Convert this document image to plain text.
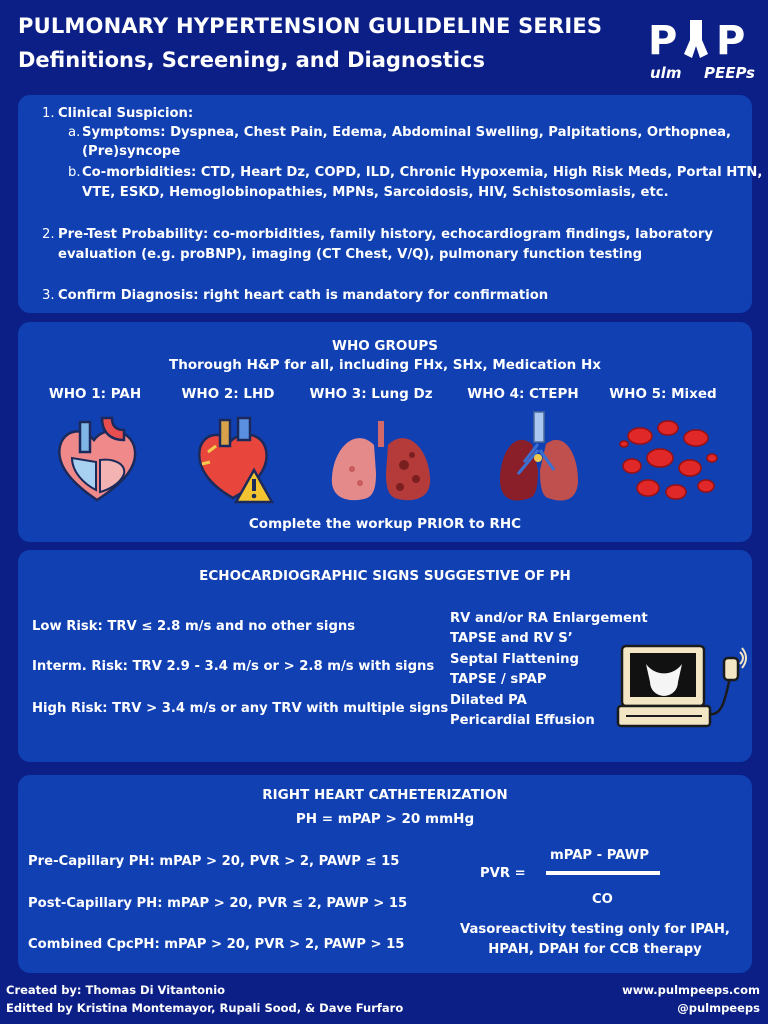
PULMONARY HYPERTENSION GULIDELINE SERIES
Definitions, Screening, and Diagnostics	P P
ulm PEEPs
1. Clinical Suspicion:
a. Symptoms: Dyspnea, Chest Pain, Edema, Abdominal Swelling, Palpitations, Orthopnea,
(Pre)syncope
b. Co-morbidities: CTD, Heart Dz, COPD, ILD, Chronic Hypoxemia, High Risk Meds, Portal HTN,
VTE, ESKD, Hemoglobinopathies, MPNs, Sarcoidosis, HIV, Schistosomiasis, etc.
2. Pre-Test Probability: co-morbidities, family history, echocardiogram findings, laboratory
evaluation (e.g. proBNP), imaging (CT Chest, V/Q), pulmonary function testing
3. Confirm Diagnosis: right heart cath is mandatory for confirmation
WHO GROUPS
Thorough H&P for all, including FHx, SHx, Medication Hx
WHO 1: PAH	WHO 2: LHD	WHO 3: Lung Dz	WHO 4: CTEPH	WHO 5: Mixed
Complete the workup PRIOR to RHC
ECHOCARDIOGRAPHIC SIGNS SUGGESTIVE OF PH
Low Risk: TRV ≤ 2.8 m/s and no other signs
Interm. Risk: TRV 2.9 - 3.4 m/s or > 2.8 m/s with signs
High Risk: TRV > 3.4 m/s or any TRV with multiple signs
RV and/or RA Enlargement
TAPSE and RV S’
Septal Flattening
TAPSE / sPAP
Dilated PA
Pericardial Effusion
RIGHT HEART CATHETERIZATION
PH = mPAP > 20 mmHg
Pre-Capillary PH: mPAP > 20, PVR > 2, PAWP ≤ 15
Post-Capillary PH: mPAP > 20, PVR ≤ 2, PAWP > 15
Combined CpcPH: mPAP > 20, PVR > 2, PAWP > 15
PVR =
mPAP - PAWP
CO
Vasoreactivity testing only for IPAH,
HPAH, DPAH for CCB therapy
Created by: Thomas Di Vitantonio
Editted by Kristina Montemayor, Rupali Sood, & Dave Furfaro
www.pulmpeeps.com
@pulmpeeps
